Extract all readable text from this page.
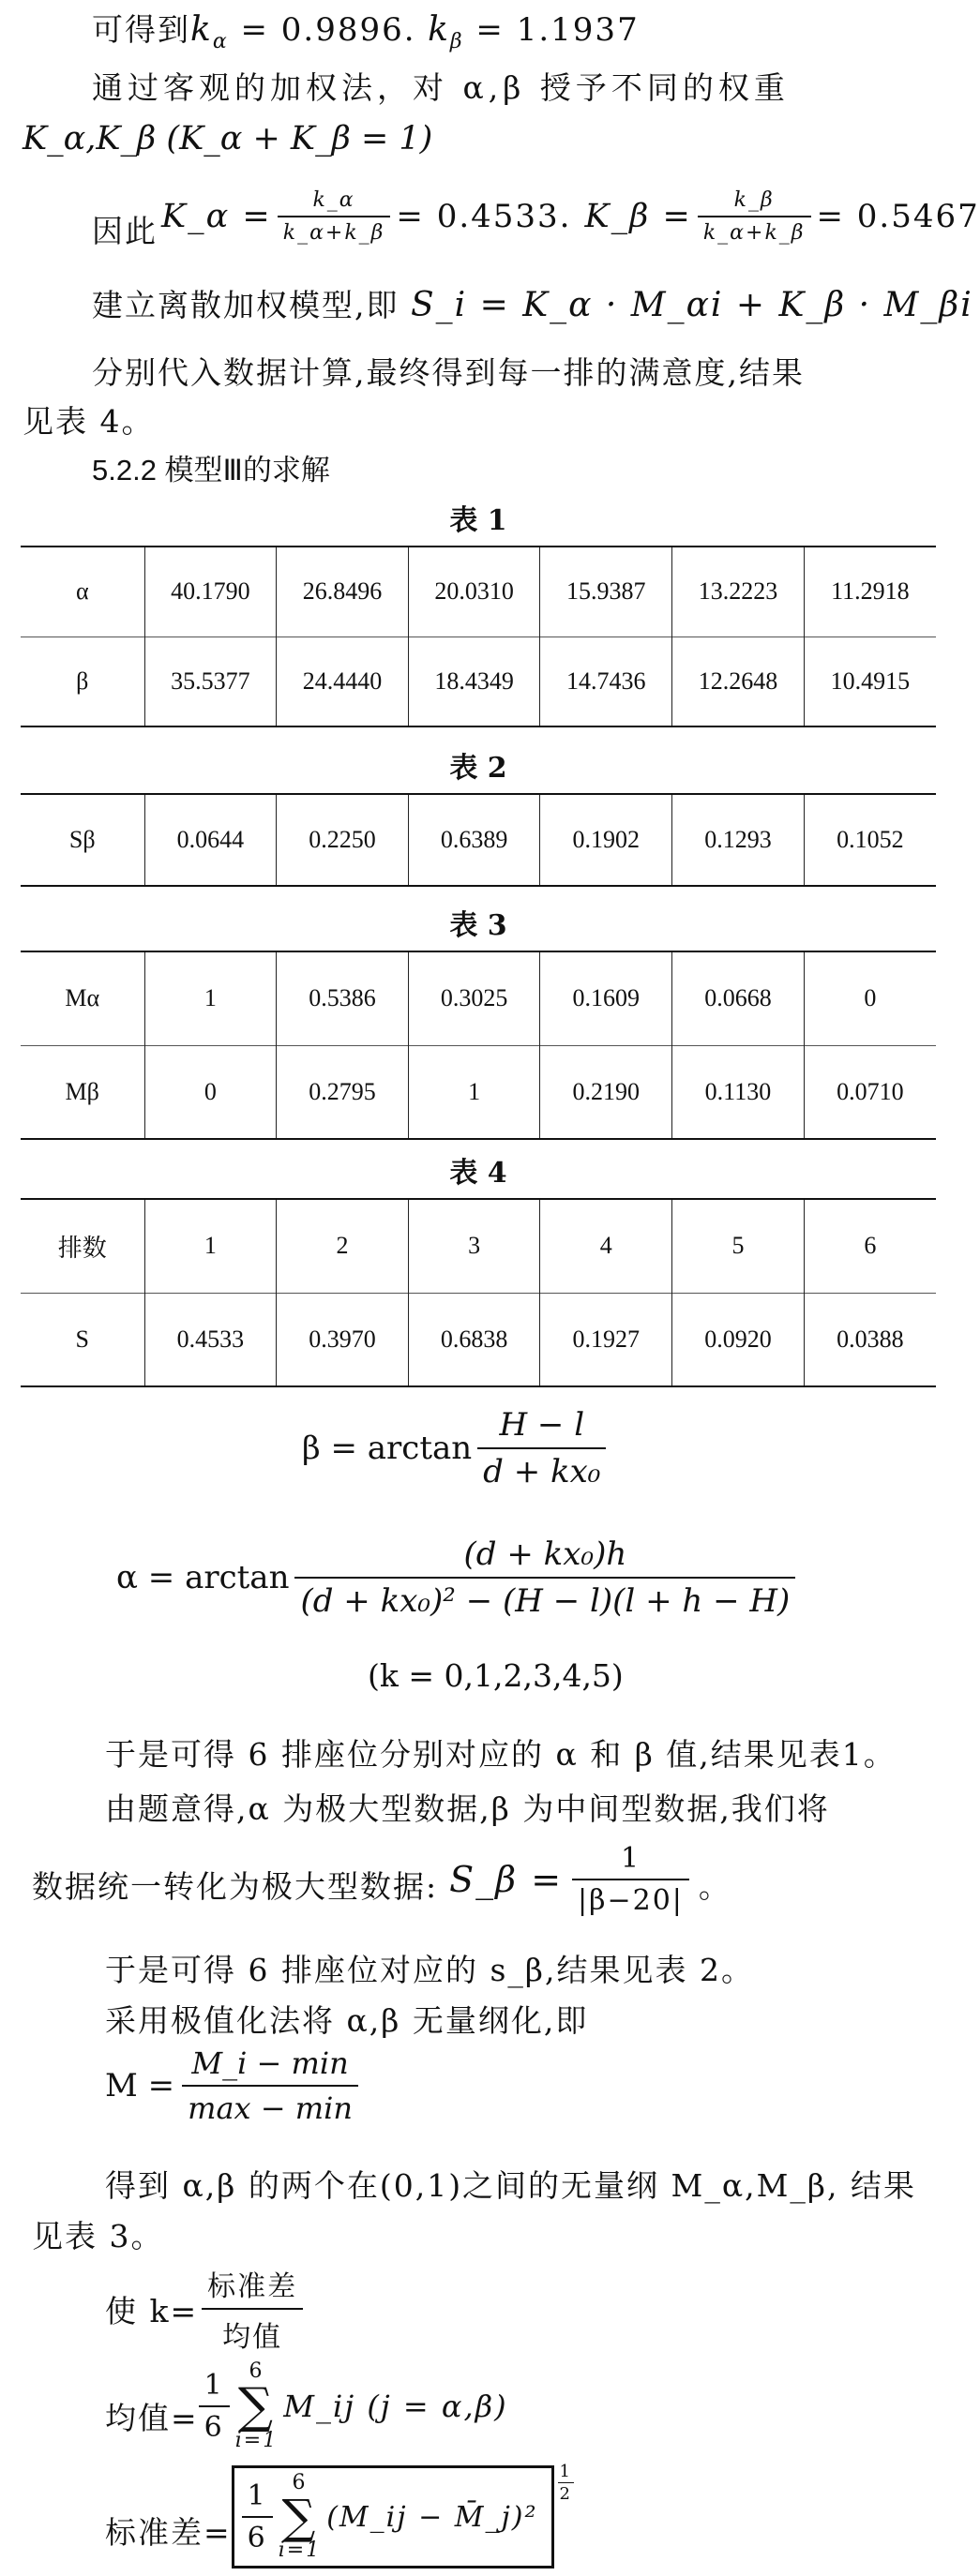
可得到$k_\alpha = 0.9896$. $k_\beta = 1.1937$
通过客观的加权法，对 α,β 授予不同的权重
K_α,K_β (K_α + K_β = 1)
因此 K_α = $\frac{k\_\alpha}{k\_\alpha+k\_\beta} = 0.4533$. K_β = $\frac{k\_\beta}{k\_\alpha+k\_\beta} = 0.5467$
建立离散加权模型,即 S_i = K_α · M_αi + K_β · M_βi
分别代入数据计算,最终得到每一排的满意度,结果
见表 4。
5.2.2 模型Ⅲ的求解
表 1
α	40.1790	26.8496	20.0310	15.9387	13.2223	11.2918
β	35.5377	24.4440	18.4349	14.7436	12.2648	10.4915
表 2
Sβ	0.0644	0.2250	0.6389	0.1902	0.1293	0.1052
表 3
Mα	1	0.5386	0.3025	0.1609	0.0668	0
Mβ	0	0.2795	1	0.2190	0.1130	0.0710
表 4
排数	1	2	3	4	5	6
S	0.4533	0.3970	0.6838	0.1927	0.0920	0.0388
$\beta = \arctan \frac{H - l}{\text{d + kx₀}}$
$\alpha = \arctan \frac{\text{(d + kx₀)h}}{\text{(d + kx₀)² − (H − l)(l + h − H)}}$
(k = 0,1,2,3,4,5)
于是可得 6 排座位分别对应的 α 和 β 值,结果见表1。
由题意得,α 为极大型数据,β 为中间型数据,我们将
数据统一转化为极大型数据: S_β = $\frac{1}{|\beta-20|}$ 。
于是可得 6 排座位对应的 s_β,结果见表 2。
采用极值化法将 α,β 无量纲化,即
$M = \frac{M\_i - \min}{\max - \min}$
得到 α,β 的两个在(0,1)之间的无量纲 M_α,M_β, 结果
见表 3。
使 $k= \frac{\text{标准差}}{\text{均值}}$
均值= $\frac{1}{6} 6$
∑
i=1
M_ij (j = α,β)
标准差= $\frac{1}{6} 6$
∑
i=1
(M_ij − M̄_j)²
$\frac{1}{2}$
